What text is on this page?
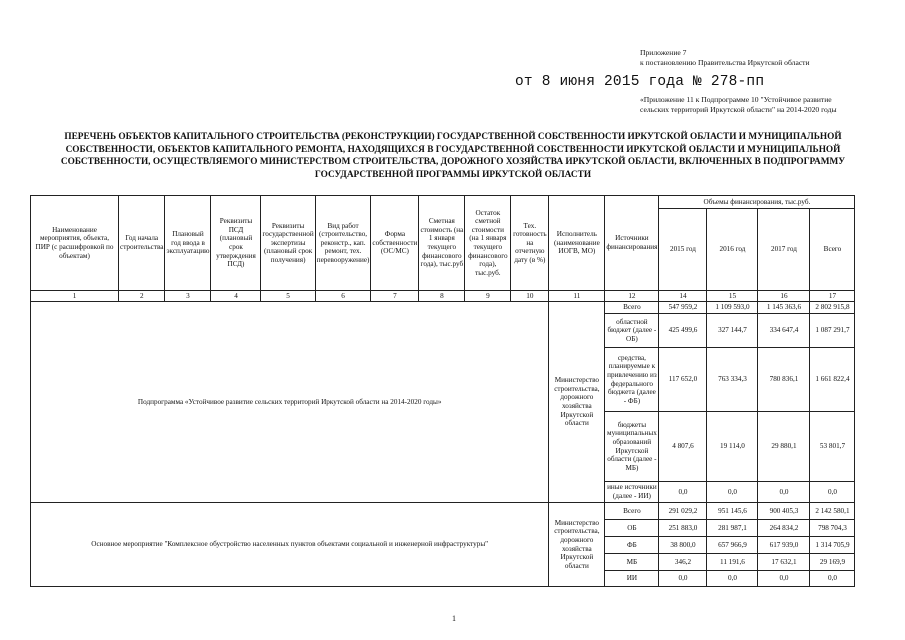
Приложение 7
к постановлению Правительства Иркутской области
от 8 июня 2015 года № 278-пп
«Приложение 11 к Подпрограмме 10 "Устойчивое развитие сельских территорий Иркутской области" на 2014-2020 годы
ПЕРЕЧЕНЬ ОБЪЕКТОВ КАПИТАЛЬНОГО СТРОИТЕЛЬСТВА (РЕКОНСТРУКЦИИ) ГОСУДАРСТВЕННОЙ СОБСТВЕННОСТИ ИРКУТСКОЙ ОБЛАСТИ И МУНИЦИПАЛЬНОЙ СОБСТВЕННОСТИ, ОБЪЕКТОВ КАПИТАЛЬНОГО РЕМОНТА, НАХОДЯЩИХСЯ В ГОСУДАРСТВЕННОЙ СОБСТВЕННОСТИ ИРКУТСКОЙ ОБЛАСТИ И МУНИЦИПАЛЬНОЙ СОБСТВЕННОСТИ, ОСУЩЕСТВЛЯЕМОГО МИНИСТЕРСТВОМ СТРОИТЕЛЬСТВА, ДОРОЖНОГО ХОЗЯЙСТВА ИРКУТСКОЙ ОБЛАСТИ, ВКЛЮЧЕННЫХ В ПОДПРОГРАММУ ГОСУДАРСТВЕННОЙ ПРОГРАММЫ ИРКУТСКОЙ ОБЛАСТИ
Наименование мероприятия, объекта, ПИР (с расшифровкой по объектам)	Год начала строительства	Плановый год ввода в эксплуатацию	Реквизиты ПСД (плановый срок утверждения ПСД)	Реквизиты государственной экспертизы (плановый срок получения)	Вид работ (строительство, реконстр., кап. ремонт, тех. перевооружение)	Форма собственности (ОС/МС)	Сметная стоимость (на 1 января текущего финансового года), тыс.руб	Остаток сметной стоимости (на 1 января текущего финансового года), тыс.руб.	Тех. готовность на отчетную дату (в %)	Исполнитель (наименование ИОГВ, МО)	Источники финансирования	Объемы финансирования, тыс.руб.			
												2015 год	2016 год	2017 год	Всего
1	2	3	4	5	6	7	8	9	10	11	12	14	15	16	17
Подпрограмма «Устойчивое развитие сельских территорий Иркутской области на 2014-2020 годы»										Министерство строительства, дорожного хозяйства Иркутской области	Всего	547 959,2	1 109 593,0	1 145 363,6	2 802 915,8
											областной бюджет (далее - ОБ)	425 499,6	327 144,7	334 647,4	1 087 291,7
											средства, планируемые к привлечению из федерального бюджета (далее - ФБ)	117 652,0	763 334,3	780 836,1	1 661 822,4
											бюджеты муниципальных образований Иркутской области (далее - МБ)	4 807,6	19 114,0	29 880,1	53 801,7
											иные источники (далее - ИИ)	0,0	0,0	0,0	0,0
Основное мероприятие "Комплексное обустройство населенных пунктов объектами социальной и инженерной инфраструктуры"										Министерство строительства, дорожного хозяйства Иркутской области	Всего	291 029,2	951 145,6	900 405,3	2 142 580,1
											ОБ	251 883,0	281 987,1	264 834,2	798 704,3
											ФБ	38 800,0	657 966,9	617 939,0	1 314 705,9
											МБ	346,2	11 191,6	17 632,1	29 169,9
											ИИ	0,0	0,0	0,0	0,0
1
